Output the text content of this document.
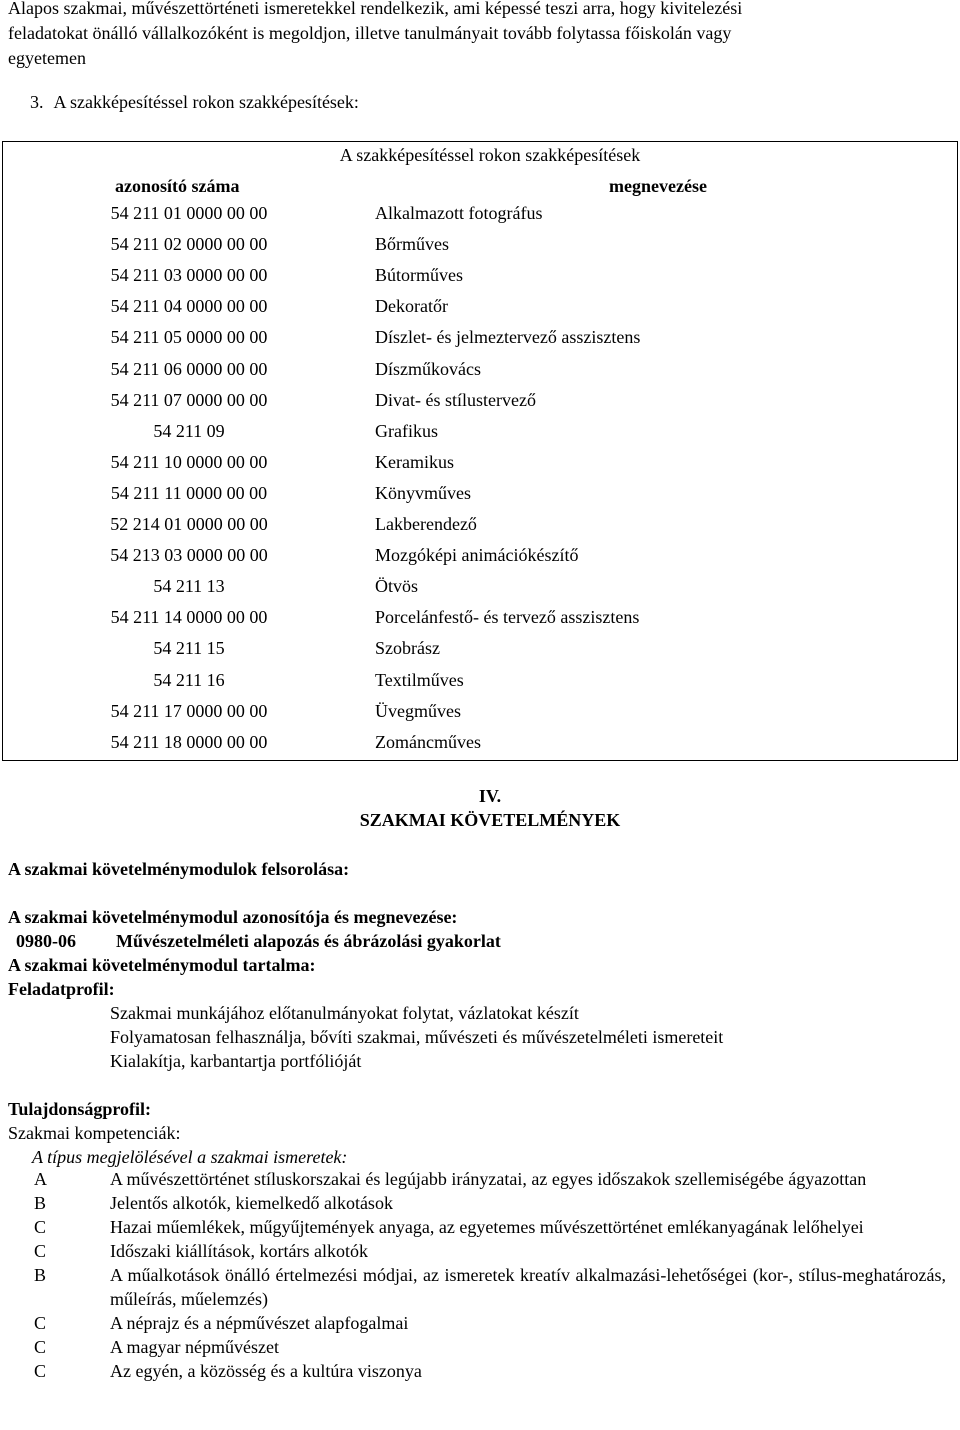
Alapos szakmai, művészettörténeti ismeretekkel rendelkezik, ami képessé teszi arra, hogy kivitelezési
feladatokat önálló vállalkozóként is megoldjon, illetve tanulmányait tovább folytassa főiskolán vagy
egyetemen
3. A szakképesítéssel rokon szakképesítések:
A szakképesítéssel rokon szakképesítések
azonosító száma	megnevezése
54 211 01 0000 00 00	Alkalmazott fotográfus
54 211 02 0000 00 00	Bőrműves
54 211 03 0000 00 00	Bútorműves
54 211 04 0000 00 00	Dekoratőr
54 211 05 0000 00 00	Díszlet- és jelmeztervező asszisztens
54 211 06 0000 00 00	Díszműkovács
54 211 07 0000 00 00	Divat- és stílustervező
54 211 09	Grafikus
54 211 10 0000 00 00	Keramikus
54 211 11 0000 00 00	Könyvműves
52 214 01 0000 00 00	Lakberendező
54 213 03 0000 00 00	Mozgóképi animációkészítő
54 211 13	Ötvös
54 211 14 0000 00 00	Porcelánfestő- és tervező asszisztens
54 211 15	Szobrász
54 211 16	Textilműves
54 211 17 0000 00 00	Üvegműves
54 211 18 0000 00 00	Zománcműves
IV.
SZAKMAI KÖVETELMÉNYEK
A szakmai követelménymodulok felsorolása:
A szakmai követelménymodul azonosítója és megnevezése:
0980-06 Művészetelméleti alapozás és ábrázolási gyakorlat
A szakmai követelménymodul tartalma:
Feladatprofil:
Szakmai munkájához előtanulmányokat folytat, vázlatokat készít
Folyamatosan felhasználja, bővíti szakmai, művészeti és művészetelméleti ismereteit
Kialakítja, karbantartja portfólióját
Tulajdonságprofil:
Szakmai kompetenciák:
A típus megjelölésével a szakmai ismeretek:
A	A művészettörténet stíluskorszakai és legújabb irányzatai, az egyes időszakok szellemiségébe ágyazottan
B	Jelentős alkotók, kiemelkedő alkotások
C	Hazai műemlékek, műgyűjtemények anyaga, az egyetemes művészettörténet emlékanyagának lelőhelyei
C	Időszaki kiállítások, kortárs alkotók
B	A műalkotások önálló értelmezési módjai, az ismeretek kreatív alkalmazási-lehetőségei (kor-, stílus-meghatározás, műleírás, műelemzés)
C	A néprajz és a népművészet alapfogalmai
C	A magyar népművészet
C	Az egyén, a közösség és a kultúra viszonya
